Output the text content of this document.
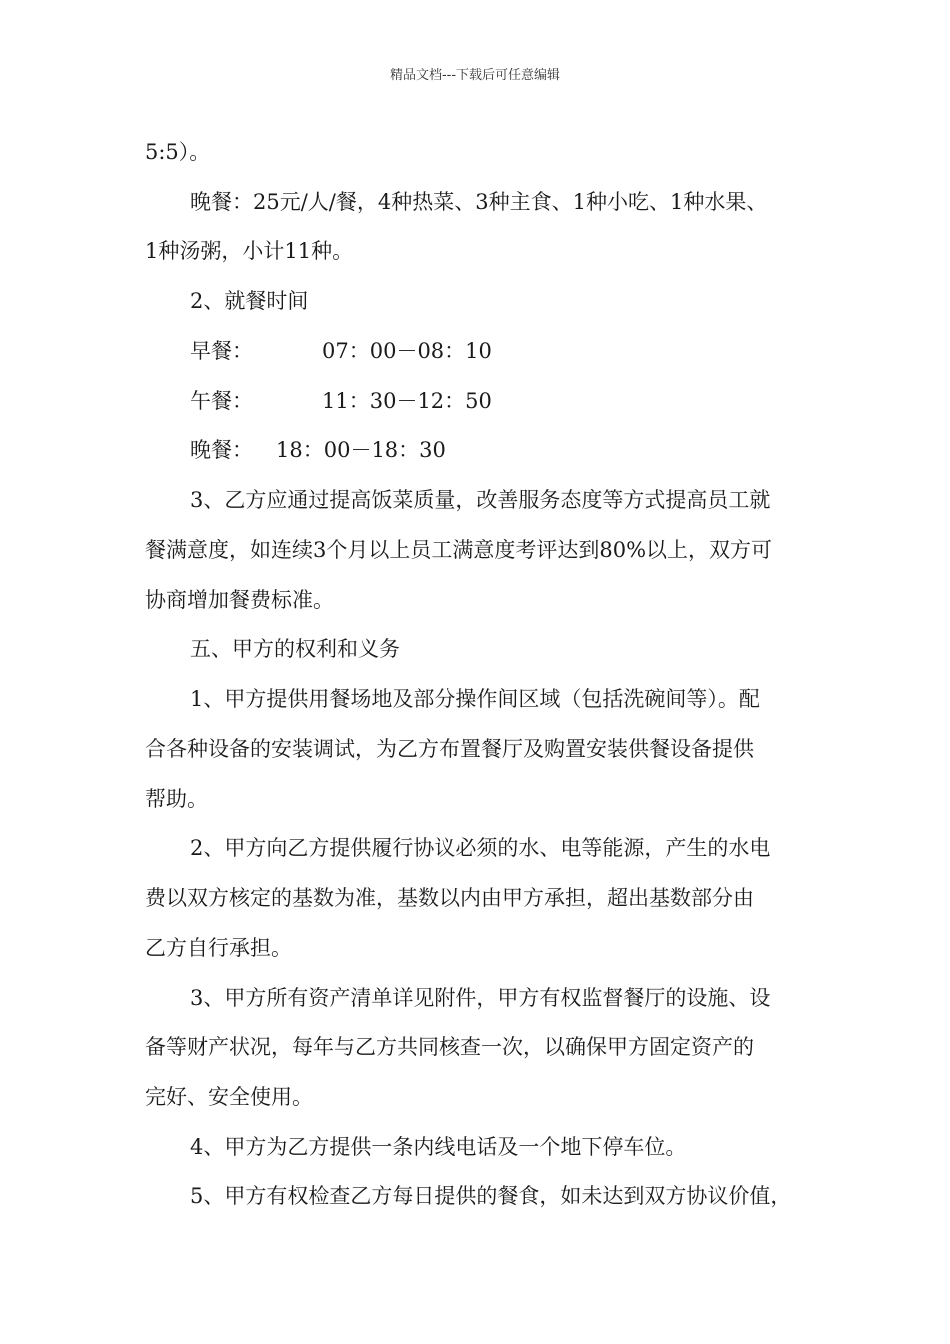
精品文档---下载后可任意编辑
5:5）。
晚餐：25元/人/餐，4种热菜、3种主食、1种小吃、1种水果、
1种汤粥，小计11种。
2、就餐时间
早餐：	07：00－08：10
午餐：	11：30－12：50
晚餐： 18：00－18：30
3、乙方应通过提高饭菜质量，改善服务态度等方式提高员工就
餐满意度，如连续3个月以上员工满意度考评达到80%以上，双方可
协商增加餐费标准。
五、甲方的权利和义务
1、甲方提供用餐场地及部分操作间区域（包括洗碗间等）。配
合各种设备的安装调试，为乙方布置餐厅及购置安装供餐设备提供
帮助。
2、甲方向乙方提供履行协议必须的水、电等能源，产生的水电
费以双方核定的基数为准，基数以内由甲方承担，超出基数部分由
乙方自行承担。
3、甲方所有资产清单详见附件，甲方有权监督餐厅的设施、设
备等财产状况，每年与乙方共同核查一次，以确保甲方固定资产的
完好、安全使用。
4、甲方为乙方提供一条内线电话及一个地下停车位。
5、甲方有权检查乙方每日提供的餐食，如未达到双方协议价值，
